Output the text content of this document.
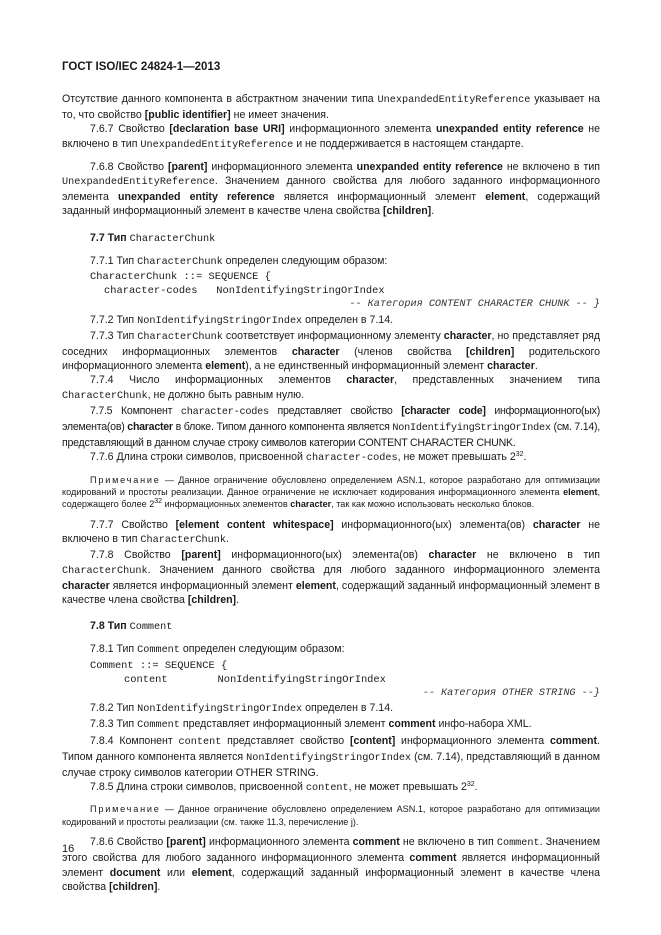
ГОСТ ISO/IEC 24824-1—2013

Отсутствие данного компонента в абстрактном значении типа UnexpandedEntityReference указывает на то, что свойство [public identifier] не имеет значения.

7.6.7 Свойство [declaration base URI] информационного элемента unexpanded entity reference не включено в тип UnexpandedEntityReference и не поддерживается в настоящем стандарте.

7.6.8 Свойство [parent] информационного элемента unexpanded entity reference не включено в тип UnexpandedEntityReference. Значением данного свойства для любого заданного информационного элемента unexpanded entity reference является информационный элемент element, содержащий заданный информационный элемент в качестве члена свойства [children].

7.7 Тип CharacterChunk

7.7.1 Тип CharacterChunk определен следующим образом:

CharacterChunk ::= SEQUENCE {
character-codes   NonIdentifyingStringOrIndex
-- Категория CONTENT CHARACTER CHUNK -- }

7.7.2 Тип NonIdentifyingStringOrIndex определен в 7.14.

7.7.3 Тип CharacterChunk соответствует информационному элементу character, но представляет ряд соседних информационных элементов character (членов свойства [children] родительского информационного элемента element), а не единственный информационный элемент character.

7.7.4 Число информационных элементов character, представленных значением типа CharacterChunk, не должно быть равным нулю.

7.7.5 Компонент character-codes представляет свойство [character code] информационного(ых) элемента(ов) character в блоке. Типом данного компонента является NonIdentifyingStringOrIndex (см. 7.14), представляющий в данном случае строку символов категории CONTENT CHARACTER CHUNK.

7.7.6 Длина строки символов, присвоенной character-codes, не может превышать $2^{32}$.

Примечание — Данное ограничение обусловлено определением ASN.1, которое разработано для оптимизации кодирований и простоты реализации. Данное ограничение не исключает кодирования информационного элемента element, содержащего более $2^{32}$ информационных элементов character, так как можно использовать несколько блоков.

7.7.7 Свойство [element content whitespace] информационного(ых) элемента(ов) character не включено в тип CharacterChunk.

7.7.8 Свойство [parent] информационного(ых) элемента(ов) character не включено в тип CharacterChunk. Значением данного свойства для любого заданного информационного элемента character является информационный элемент element, содержащий заданный информационный элемент в качестве члена свойства [children].

7.8 Тип Comment

7.8.1 Тип Comment определен следующим образом:

Comment ::= SEQUENCE {
content        NonIdentifyingStringOrIndex
-- Категория OTHER STRING --}

7.8.2 Тип NonIdentifyingStringOrIndex определен в 7.14.

7.8.3 Тип Comment представляет информационный элемент comment инфо-набора XML.

7.8.4 Компонент content представляет свойство [content] информационного элемента comment. Типом данного компонента является NonIdentifyingStringOrIndex (см. 7.14), представляющий в данном случае строку символов категории OTHER STRING.

7.8.5 Длина строки символов, присвоенной content, не может превышать $2^{32}$.

Примечание — Данное ограничение обусловлено определением ASN.1, которое разработано для оптимизации кодирований и простоты реализации (см. также 11.3, перечисление j).

7.8.6 Свойство [parent] информационного элемента comment не включено в тип Comment. Значением этого свойства для любого заданного информационного элемента comment является информационный элемент document или element, содержащий заданный информационный элемент в качестве члена свойства [children].

16
